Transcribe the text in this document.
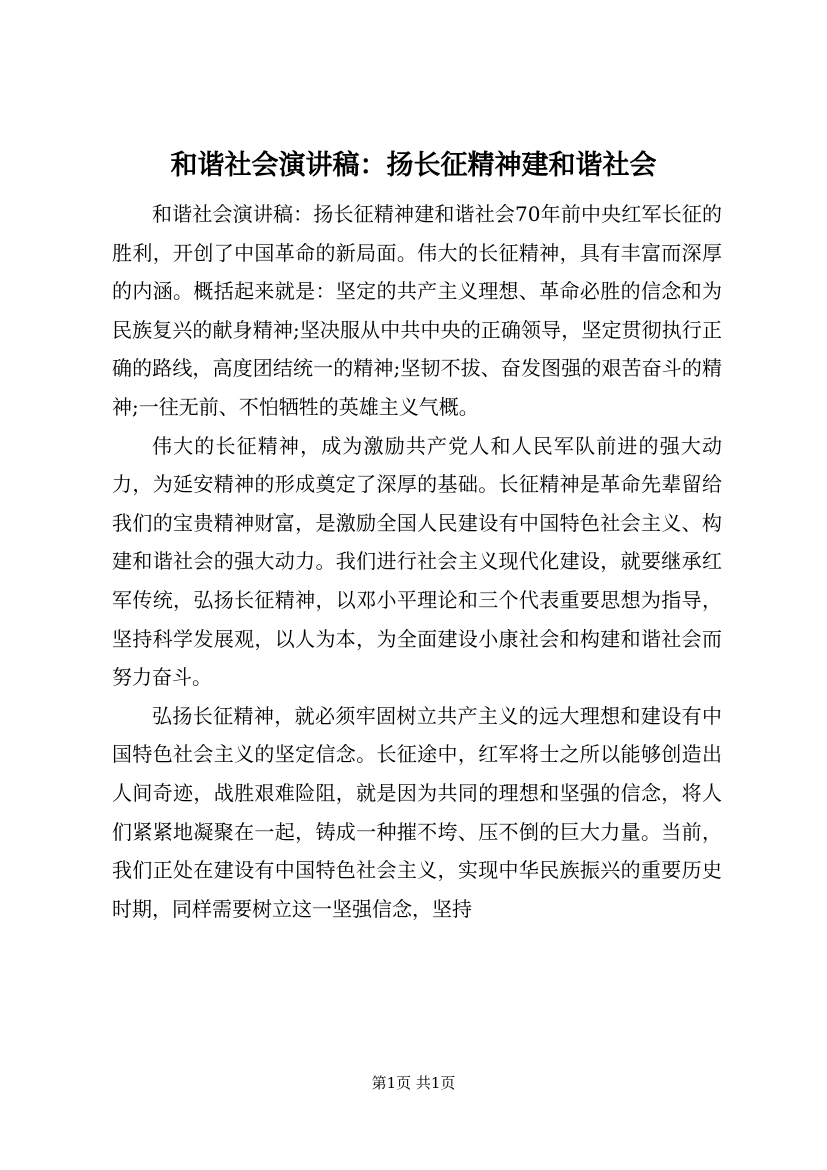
和谐社会演讲稿：扬长征精神建和谐社会

和谐社会演讲稿：扬长征精神建和谐社会70年前中央红军长征的胜利，开创了中国革命的新局面。伟大的长征精神，具有丰富而深厚的内涵。概括起来就是：坚定的共产主义理想、革命必胜的信念和为民族复兴的献身精神;坚决服从中共中央的正确领导，坚定贯彻执行正确的路线，高度团结统一的精神;坚韧不拔、奋发图强的艰苦奋斗的精神;一往无前、不怕牺牲的英雄主义气概。

伟大的长征精神，成为激励共产党人和人民军队前进的强大动力，为延安精神的形成奠定了深厚的基础。长征精神是革命先辈留给我们的宝贵精神财富，是激励全国人民建设有中国特色社会主义、构建和谐社会的强大动力。我们进行社会主义现代化建设，就要继承红军传统，弘扬长征精神，以邓小平理论和三个代表重要思想为指导，坚持科学发展观，以人为本，为全面建设小康社会和构建和谐社会而努力奋斗。

弘扬长征精神，就必须牢固树立共产主义的远大理想和建设有中国特色社会主义的坚定信念。长征途中，红军将士之所以能够创造出人间奇迹，战胜艰难险阻，就是因为共同的理想和坚强的信念，将人们紧紧地凝聚在一起，铸成一种摧不垮、压不倒的巨大力量。当前，我们正处在建设有中国特色社会主义，实现中华民族振兴的重要历史时期，同样需要树立这一坚强信念，坚持

第1页 共1页
